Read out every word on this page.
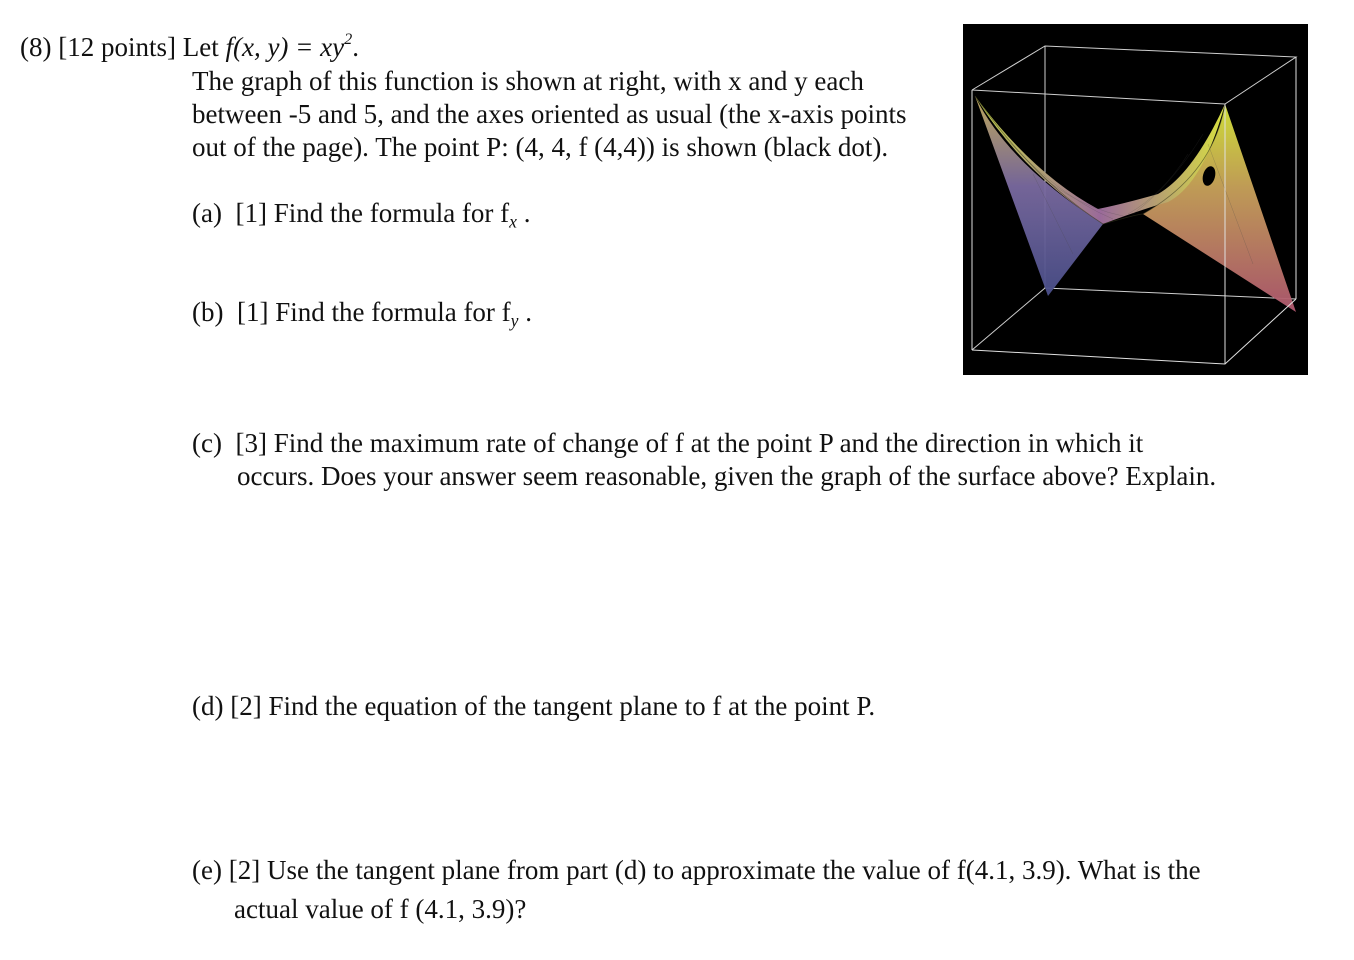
(8) [12 points] Let f(x, $y) = xy^2$.
The graph of this function is shown at right, with x and y each
between -5 and 5, and the axes oriented as usual (the x-axis points
out of the page). The point P: (4, 4, f (4,4)) is shown (black dot).
(a) [1] Find the formula for $f_x$ .
(b) [1] Find the formula for $f_y$ .
(c) [3] Find the maximum rate of change of f at the point P and the direction in which it
occurs. Does your answer seem reasonable, given the graph of the surface above? Explain.
(d) [2] Find the equation of the tangent plane to f at the point P.
(e) [2] Use the tangent plane from part (d) to approximate the value of f(4.1, 3.9). What is the
actual value of f (4.1, 3.9)?
